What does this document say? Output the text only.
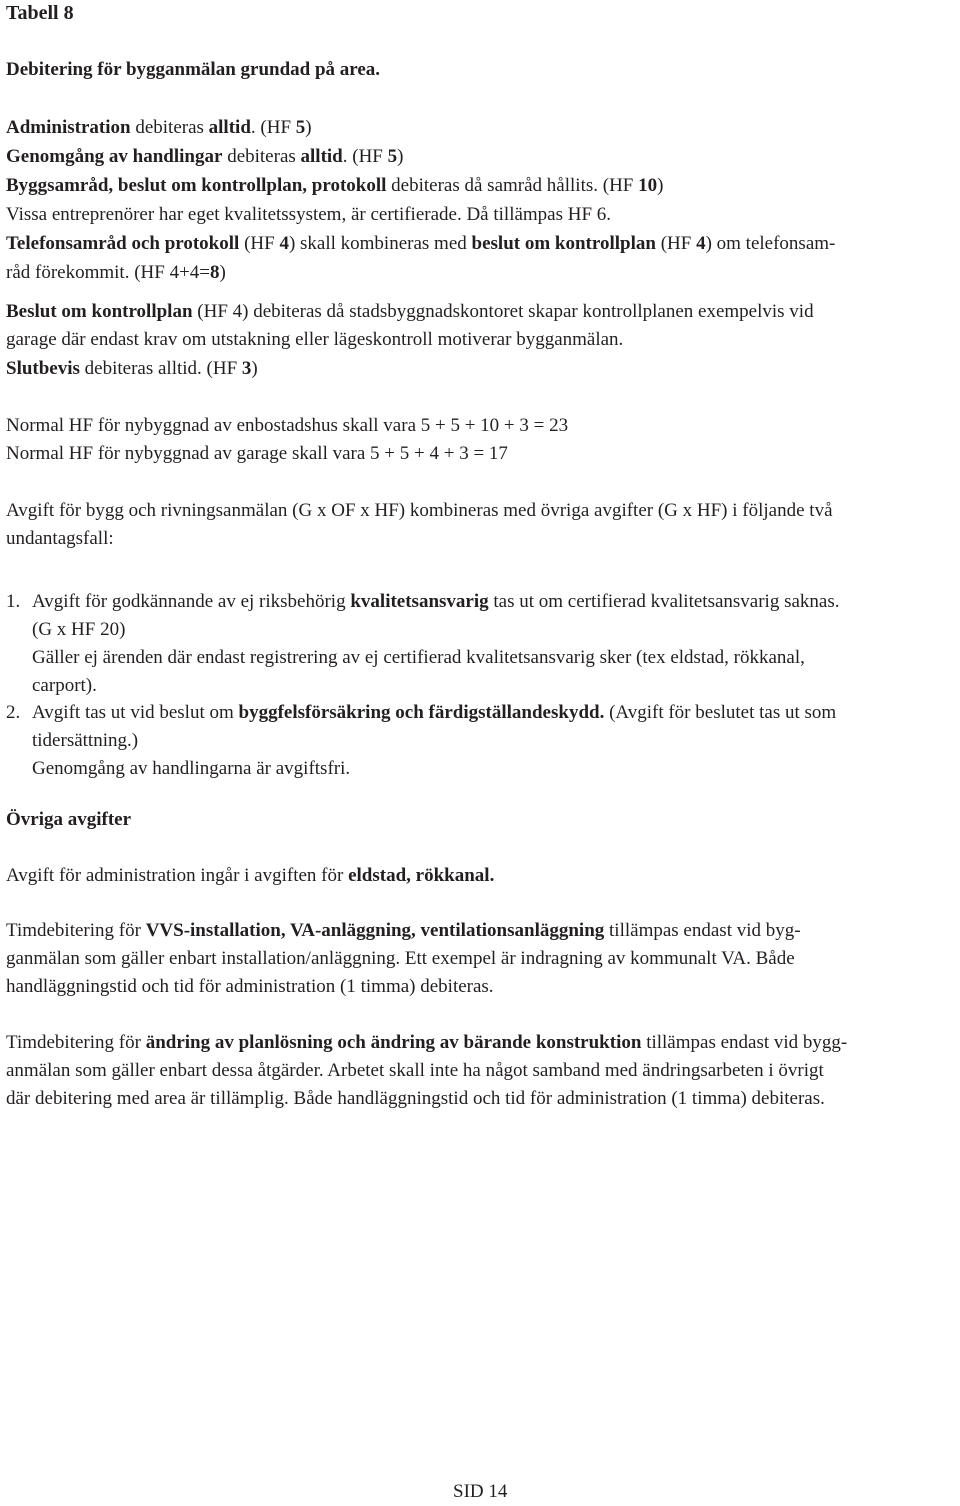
Tabell 8
Debitering för bygganmälan grundad på area.
Administration debiteras alltid. (HF 5)
Genomgång av handlingar debiteras alltid. (HF 5)
Byggsamråd, beslut om kontrollplan, protokoll debiteras då samråd hållits. (HF 10)
Vissa entreprenörer har eget kvalitetssystem, är certifierade. Då tillämpas HF 6.
Telefonsamråd och protokoll (HF 4) skall kombineras med beslut om kontrollplan (HF 4) om telefonsam-
råd förekommit. (HF 4+4=8)
Beslut om kontrollplan (HF 4) debiteras då stadsbyggnadskontoret skapar kontrollplanen exempelvis vid
garage där endast krav om utstakning eller lägeskontroll motiverar bygganmälan.
Slutbevis debiteras alltid. (HF 3)
Normal HF för nybyggnad av enbostadshus skall vara 5 + 5 + 10 + 3 = 23
Normal HF för nybyggnad av garage skall vara 5 + 5 + 4 + 3 = 17
Avgift för bygg och rivningsanmälan (G x OF x HF) kombineras med övriga avgifter (G x HF) i följande två
undantagsfall:
1. Avgift för godkännande av ej riksbehörig kvalitetsansvarig tas ut om certifierad kvalitetsansvarig saknas.
(G x HF 20)
Gäller ej ärenden där endast registrering av ej certifierad kvalitetsansvarig sker (tex eldstad, rökkanal,
carport).
2. Avgift tas ut vid beslut om byggfelsförsäkring och färdigställandeskydd. (Avgift för beslutet tas ut som
tidersättning.)
Genomgång av handlingarna är avgiftsfri.
Övriga avgifter
Avgift för administration ingår i avgiften för eldstad, rökkanal.
Timdebitering för VVS-installation, VA-anläggning, ventilationsanläggning tillämpas endast vid byg-
ganmälan som gäller enbart installation/anläggning. Ett exempel är indragning av kommunalt VA. Både
handläggningstid och tid för administration (1 timma) debiteras.
Timdebitering för ändring av planlösning och ändring av bärande konstruktion tillämpas endast vid bygg-
anmälan som gäller enbart dessa åtgärder. Arbetet skall inte ha något samband med ändringsarbeten i övrigt
där debitering med area är tillämplig. Både handläggningstid och tid för administration (1 timma) debiteras.
SID 14
